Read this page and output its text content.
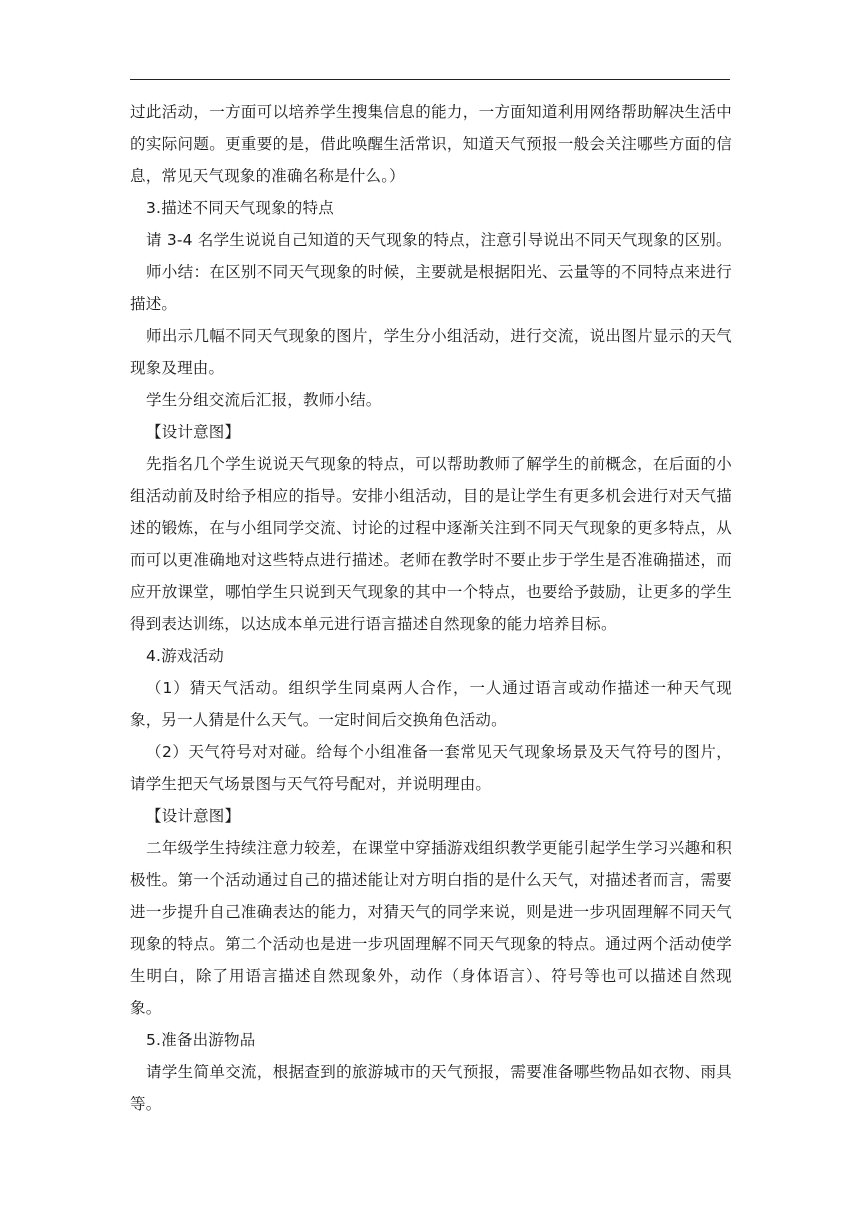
过此活动，一方面可以培养学生搜集信息的能力，一方面知道利用网络帮助解决生活中的实际问题。更重要的是，借此唤醒生活常识，知道天气预报一般会关注哪些方面的信息，常见天气现象的准确名称是什么。）

3.描述不同天气现象的特点

请 3-4 名学生说说自己知道的天气现象的特点，注意引导说出不同天气现象的区别。

师小结：在区别不同天气现象的时候，主要就是根据阳光、云量等的不同特点来进行描述。

师出示几幅不同天气现象的图片，学生分小组活动，进行交流，说出图片显示的天气现象及理由。

学生分组交流后汇报，教师小结。

【设计意图】

先指名几个学生说说天气现象的特点，可以帮助教师了解学生的前概念，在后面的小组活动前及时给予相应的指导。安排小组活动，目的是让学生有更多机会进行对天气描述的锻炼，在与小组同学交流、讨论的过程中逐渐关注到不同天气现象的更多特点，从而可以更准确地对这些特点进行描述。老师在教学时不要止步于学生是否准确描述，而应开放课堂，哪怕学生只说到天气现象的其中一个特点，也要给予鼓励，让更多的学生得到表达训练，以达成本单元进行语言描述自然现象的能力培养目标。

4.游戏活动

（1）猜天气活动。组织学生同桌两人合作，一人通过语言或动作描述一种天气现象，另一人猜是什么天气。一定时间后交换角色活动。

（2）天气符号对对碰。给每个小组准备一套常见天气现象场景及天气符号的图片，请学生把天气场景图与天气符号配对，并说明理由。

【设计意图】

二年级学生持续注意力较差，在课堂中穿插游戏组织教学更能引起学生学习兴趣和积极性。第一个活动通过自己的描述能让对方明白指的是什么天气，对描述者而言，需要进一步提升自己准确表达的能力，对猜天气的同学来说，则是进一步巩固理解不同天气现象的特点。第二个活动也是进一步巩固理解不同天气现象的特点。通过两个活动使学生明白，除了用语言描述自然现象外，动作（身体语言）、符号等也可以描述自然现象。

5.准备出游物品

请学生简单交流，根据查到的旅游城市的天气预报，需要准备哪些物品如衣物、雨具等。
